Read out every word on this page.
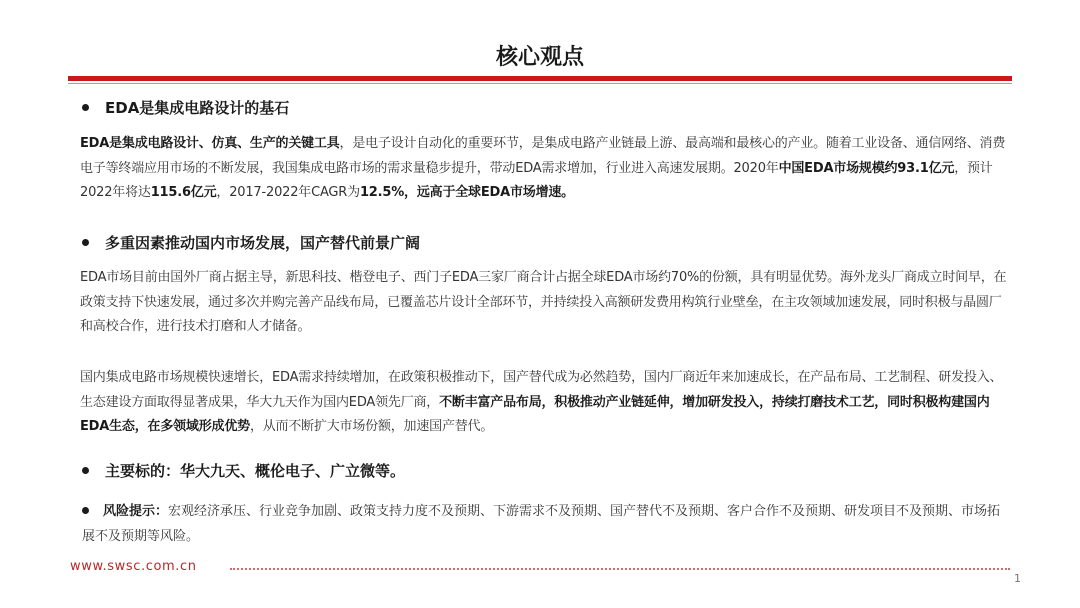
核心观点
EDA是集成电路设计的基石
EDA是集成电路设计、仿真、生产的关键工具，是电子设计自动化的重要环节，是集成电路产业链最上游、最高端和最核心的产业。随着工业设备、通信网络、消费电子等终端应用市场的不断发展，我国集成电路市场的需求量稳步提升，带动EDA需求增加，行业进入高速发展期。2020年中国EDA市场规模约93.1亿元，预计2022年将达115.6亿元，2017-2022年CAGR为12.5%，远高于全球EDA市场增速。
多重因素推动国内市场发展，国产替代前景广阔
EDA市场目前由国外厂商占据主导，新思科技、楷登电子、西门子EDA三家厂商合计占据全球EDA市场约70%的份额，具有明显优势。海外龙头厂商成立时间早，在政策支持下快速发展，通过多次并购完善产品线布局，已覆盖芯片设计全部环节，并持续投入高额研发费用构筑行业壁垒，在主攻领域加速发展，同时积极与晶圆厂和高校合作，进行技术打磨和人才储备。
国内集成电路市场规模快速增长，EDA需求持续增加，在政策积极推动下，国产替代成为必然趋势，国内厂商近年来加速成长，在产品布局、工艺制程、研发投入、生态建设方面取得显著成果，华大九天作为国内EDA领先厂商，不断丰富产品布局，积极推动产业链延伸，增加研发投入，持续打磨技术工艺，同时积极构建国内EDA生态，在多领域形成优势，从而不断扩大市场份额，加速国产替代。
主要标的：华大九天、概伦电子、广立微等。
风险提示：宏观经济承压、行业竞争加剧、政策支持力度不及预期、下游需求不及预期、国产替代不及预期、客户合作不及预期、研发项目不及预期、市场拓展不及预期等风险。
www.swsc.com.cn
1
